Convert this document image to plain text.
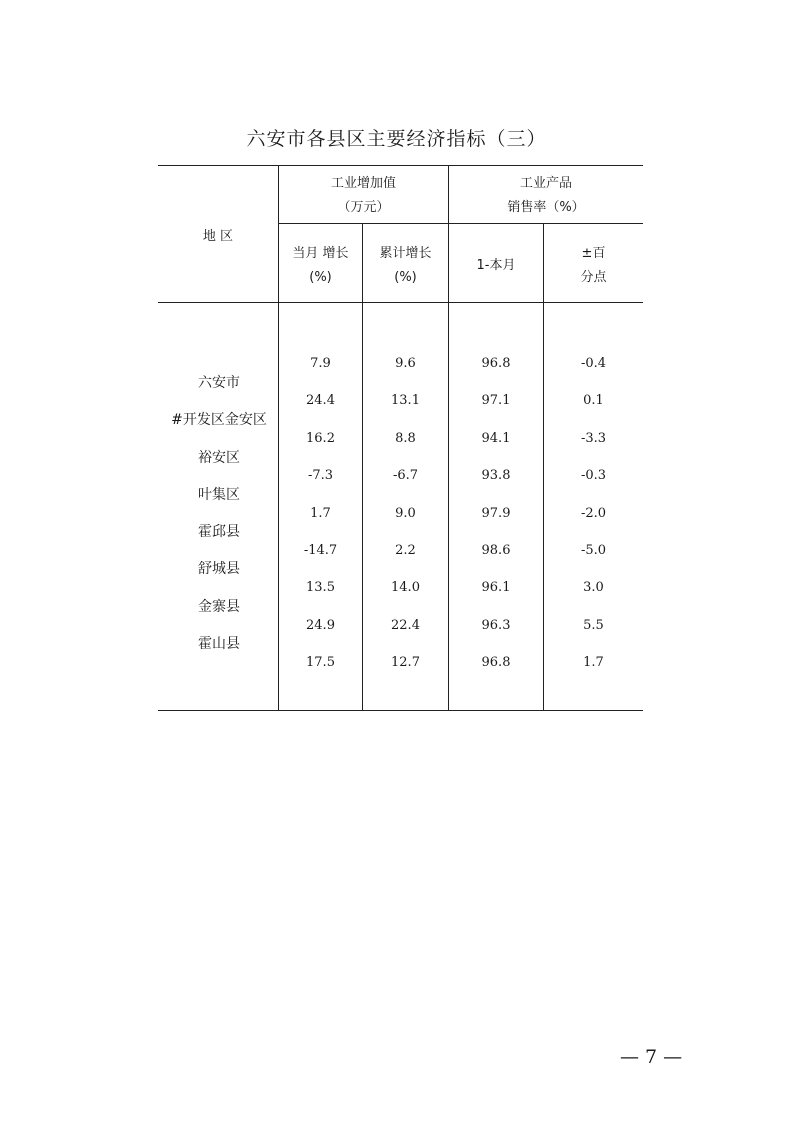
六安市各县区主要经济指标（三）
地 区
工业增加值
（万元）
工业产品
销售率（%）
当月 增长
(%)
累计增长
(%)
1-本月
±百
分点
六安市
#开发区金安区
裕安区
叶集区
霍邱县
舒城县
金寨县
霍山县
7.9
24.4
16.2
-7.3
1.7
-14.7
13.5
24.9
17.5
9.6
13.1
8.8
-6.7
9.0
2.2
14.0
22.4
12.7
96.8
97.1
94.1
93.8
97.9
98.6
96.1
96.3
96.8
-0.4
0.1
-3.3
-0.3
-2.0
-5.0
3.0
5.5
1.7
— 7 —
